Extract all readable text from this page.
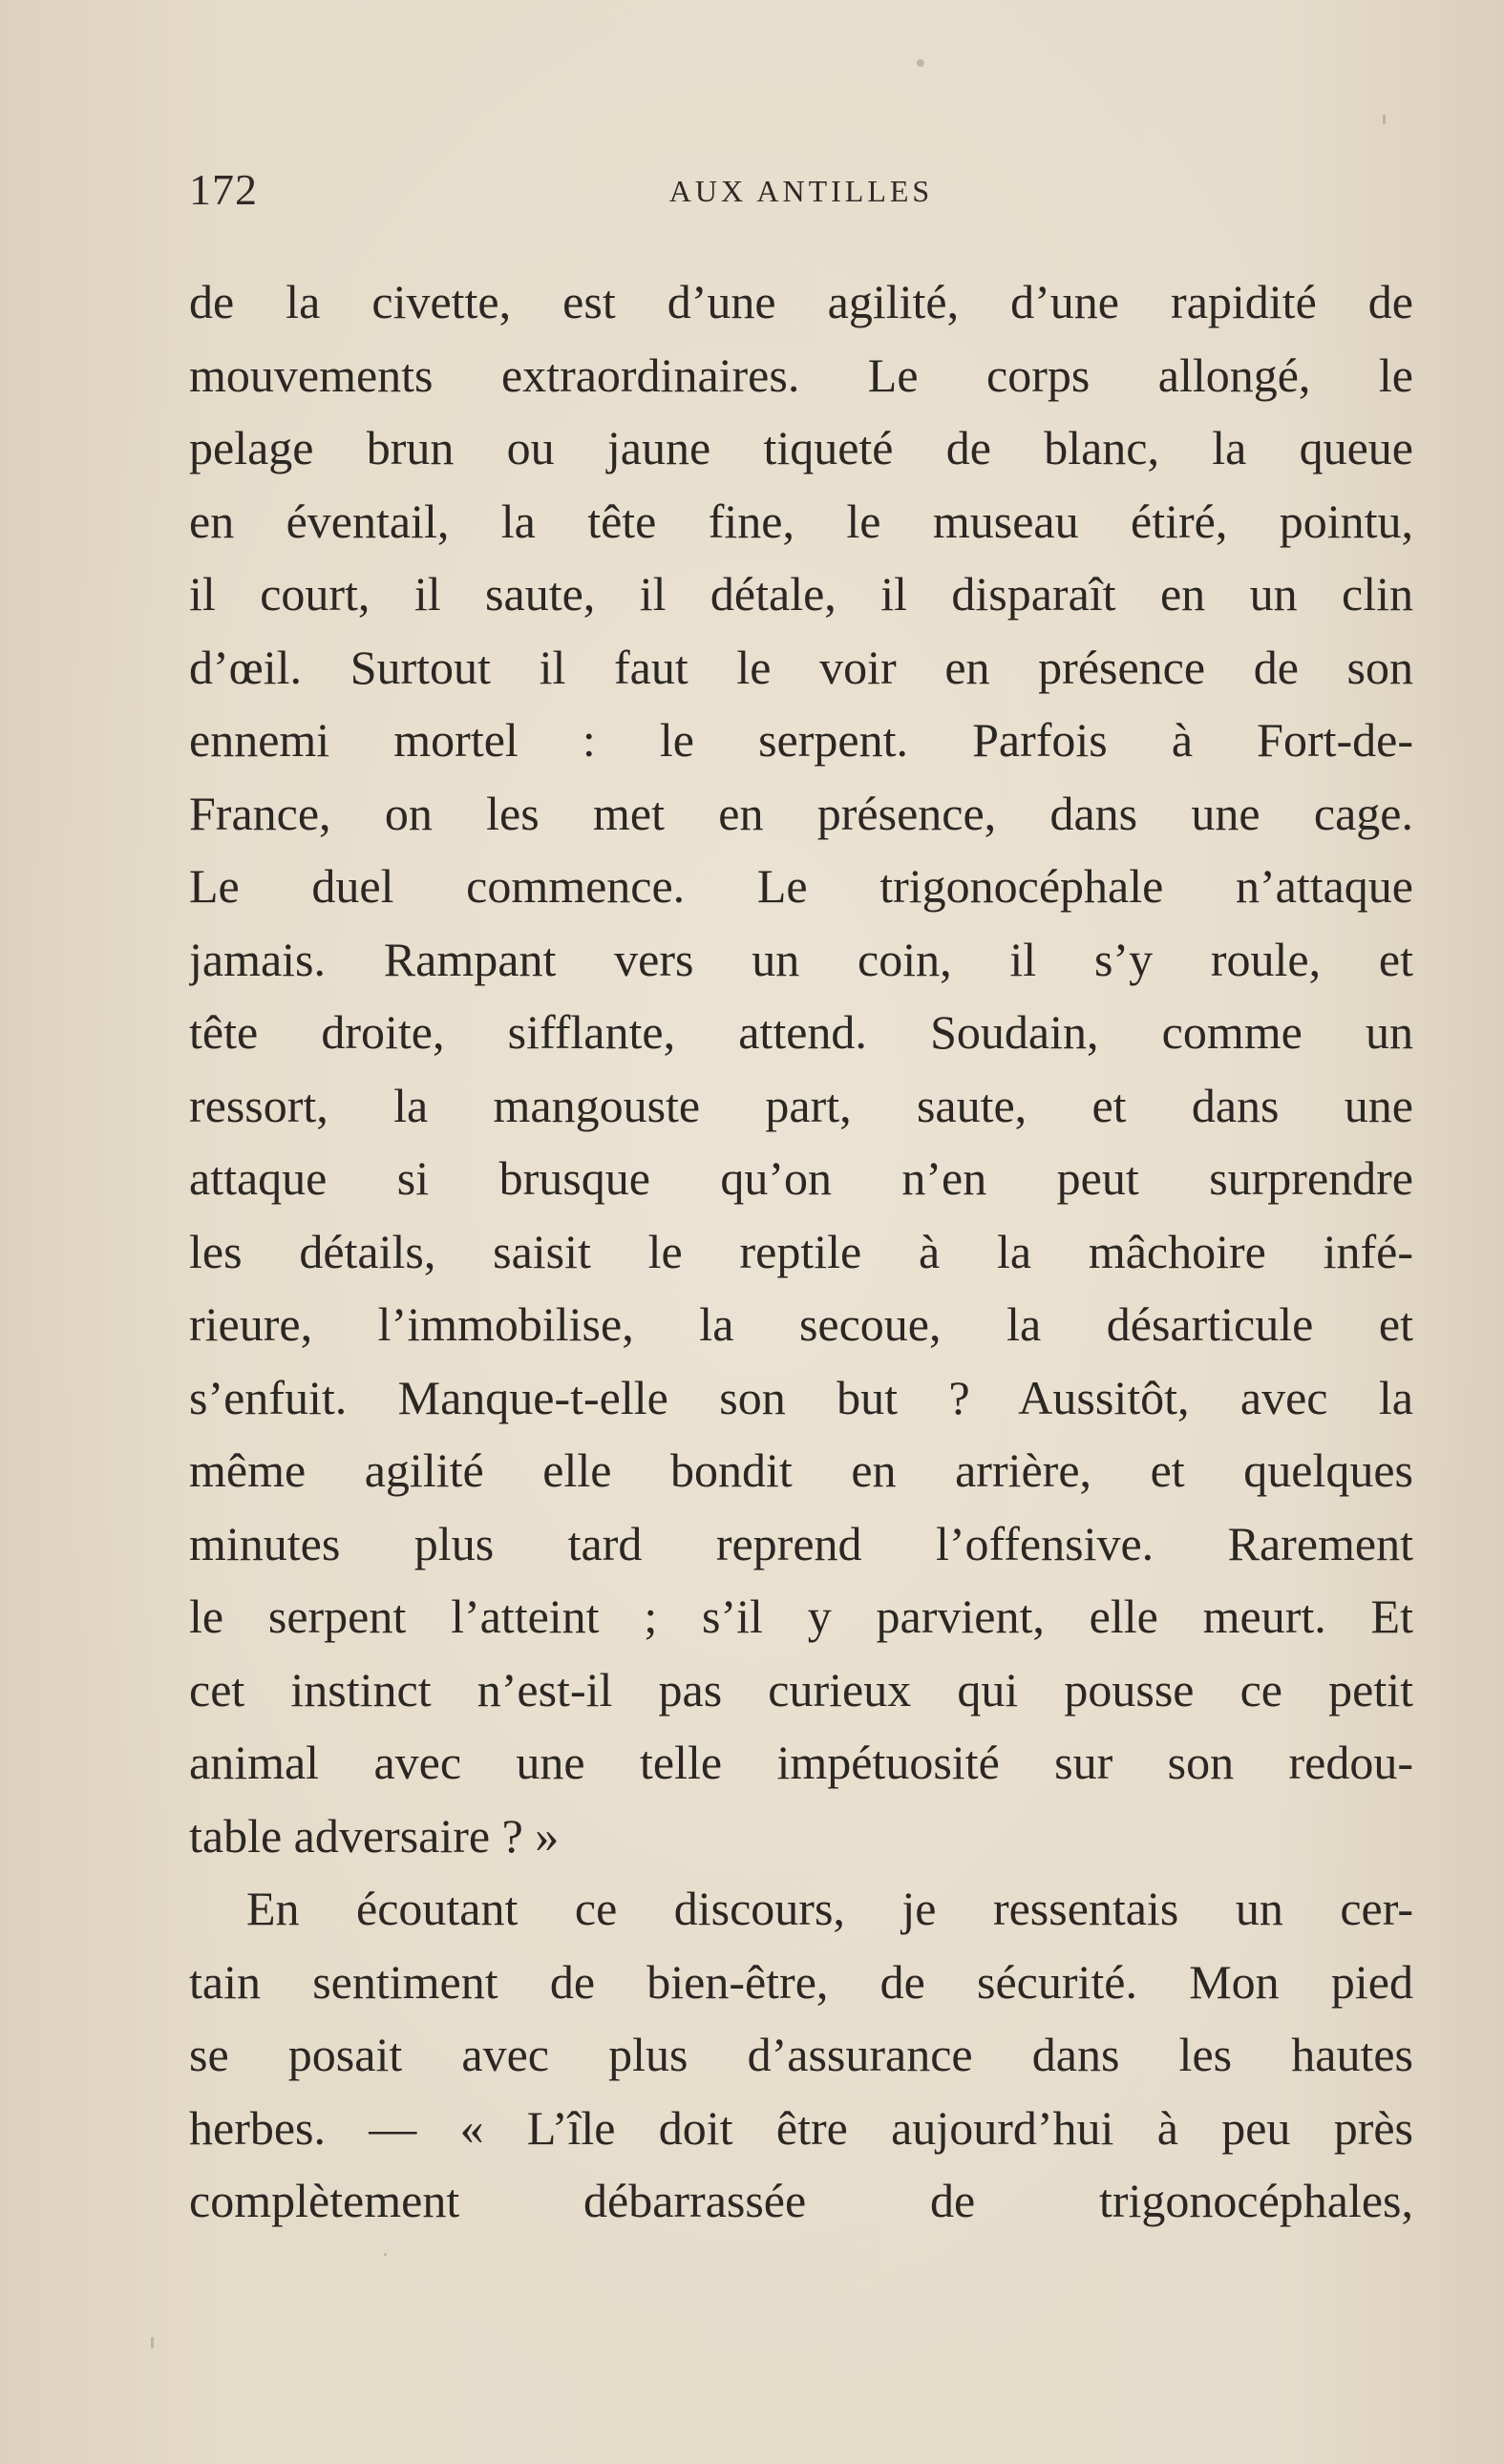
172	AUX ANTILLES
de la civette, est d’une agilité, d’une rapidité de
mouvements extraordinaires. Le corps allongé, le
pelage brun ou jaune tiqueté de blanc, la queue
en éventail, la tête fine, le museau étiré, pointu,
il court, il saute, il détale, il disparaît en un clin
d’œil. Surtout il faut le voir en présence de son
ennemi mortel : le serpent. Parfois à Fort-de-
France, on les met en présence, dans une cage.
Le duel commence. Le trigonocéphale n’attaque
jamais. Rampant vers un coin, il s’y roule, et
tête droite, sifflante, attend. Soudain, comme un
ressort, la mangouste part, saute, et dans une
attaque si brusque qu’on n’en peut surprendre
les détails, saisit le reptile à la mâchoire infé-
rieure, l’immobilise, la secoue, la désarticule et
s’enfuit. Manque-t-elle son but ? Aussitôt, avec la
même agilité elle bondit en arrière, et quelques
minutes plus tard reprend l’offensive. Rarement
le serpent l’atteint ; s’il y parvient, elle meurt. Et
cet instinct n’est-il pas curieux qui pousse ce petit
animal avec une telle impétuosité sur son redou-
table adversaire ? »
En écoutant ce discours, je ressentais un cer-
tain sentiment de bien-être, de sécurité. Mon pied
se posait avec plus d’assurance dans les hautes
herbes. — « L’île doit être aujourd’hui à peu près
complètement débarrassée de trigonocéphales,
